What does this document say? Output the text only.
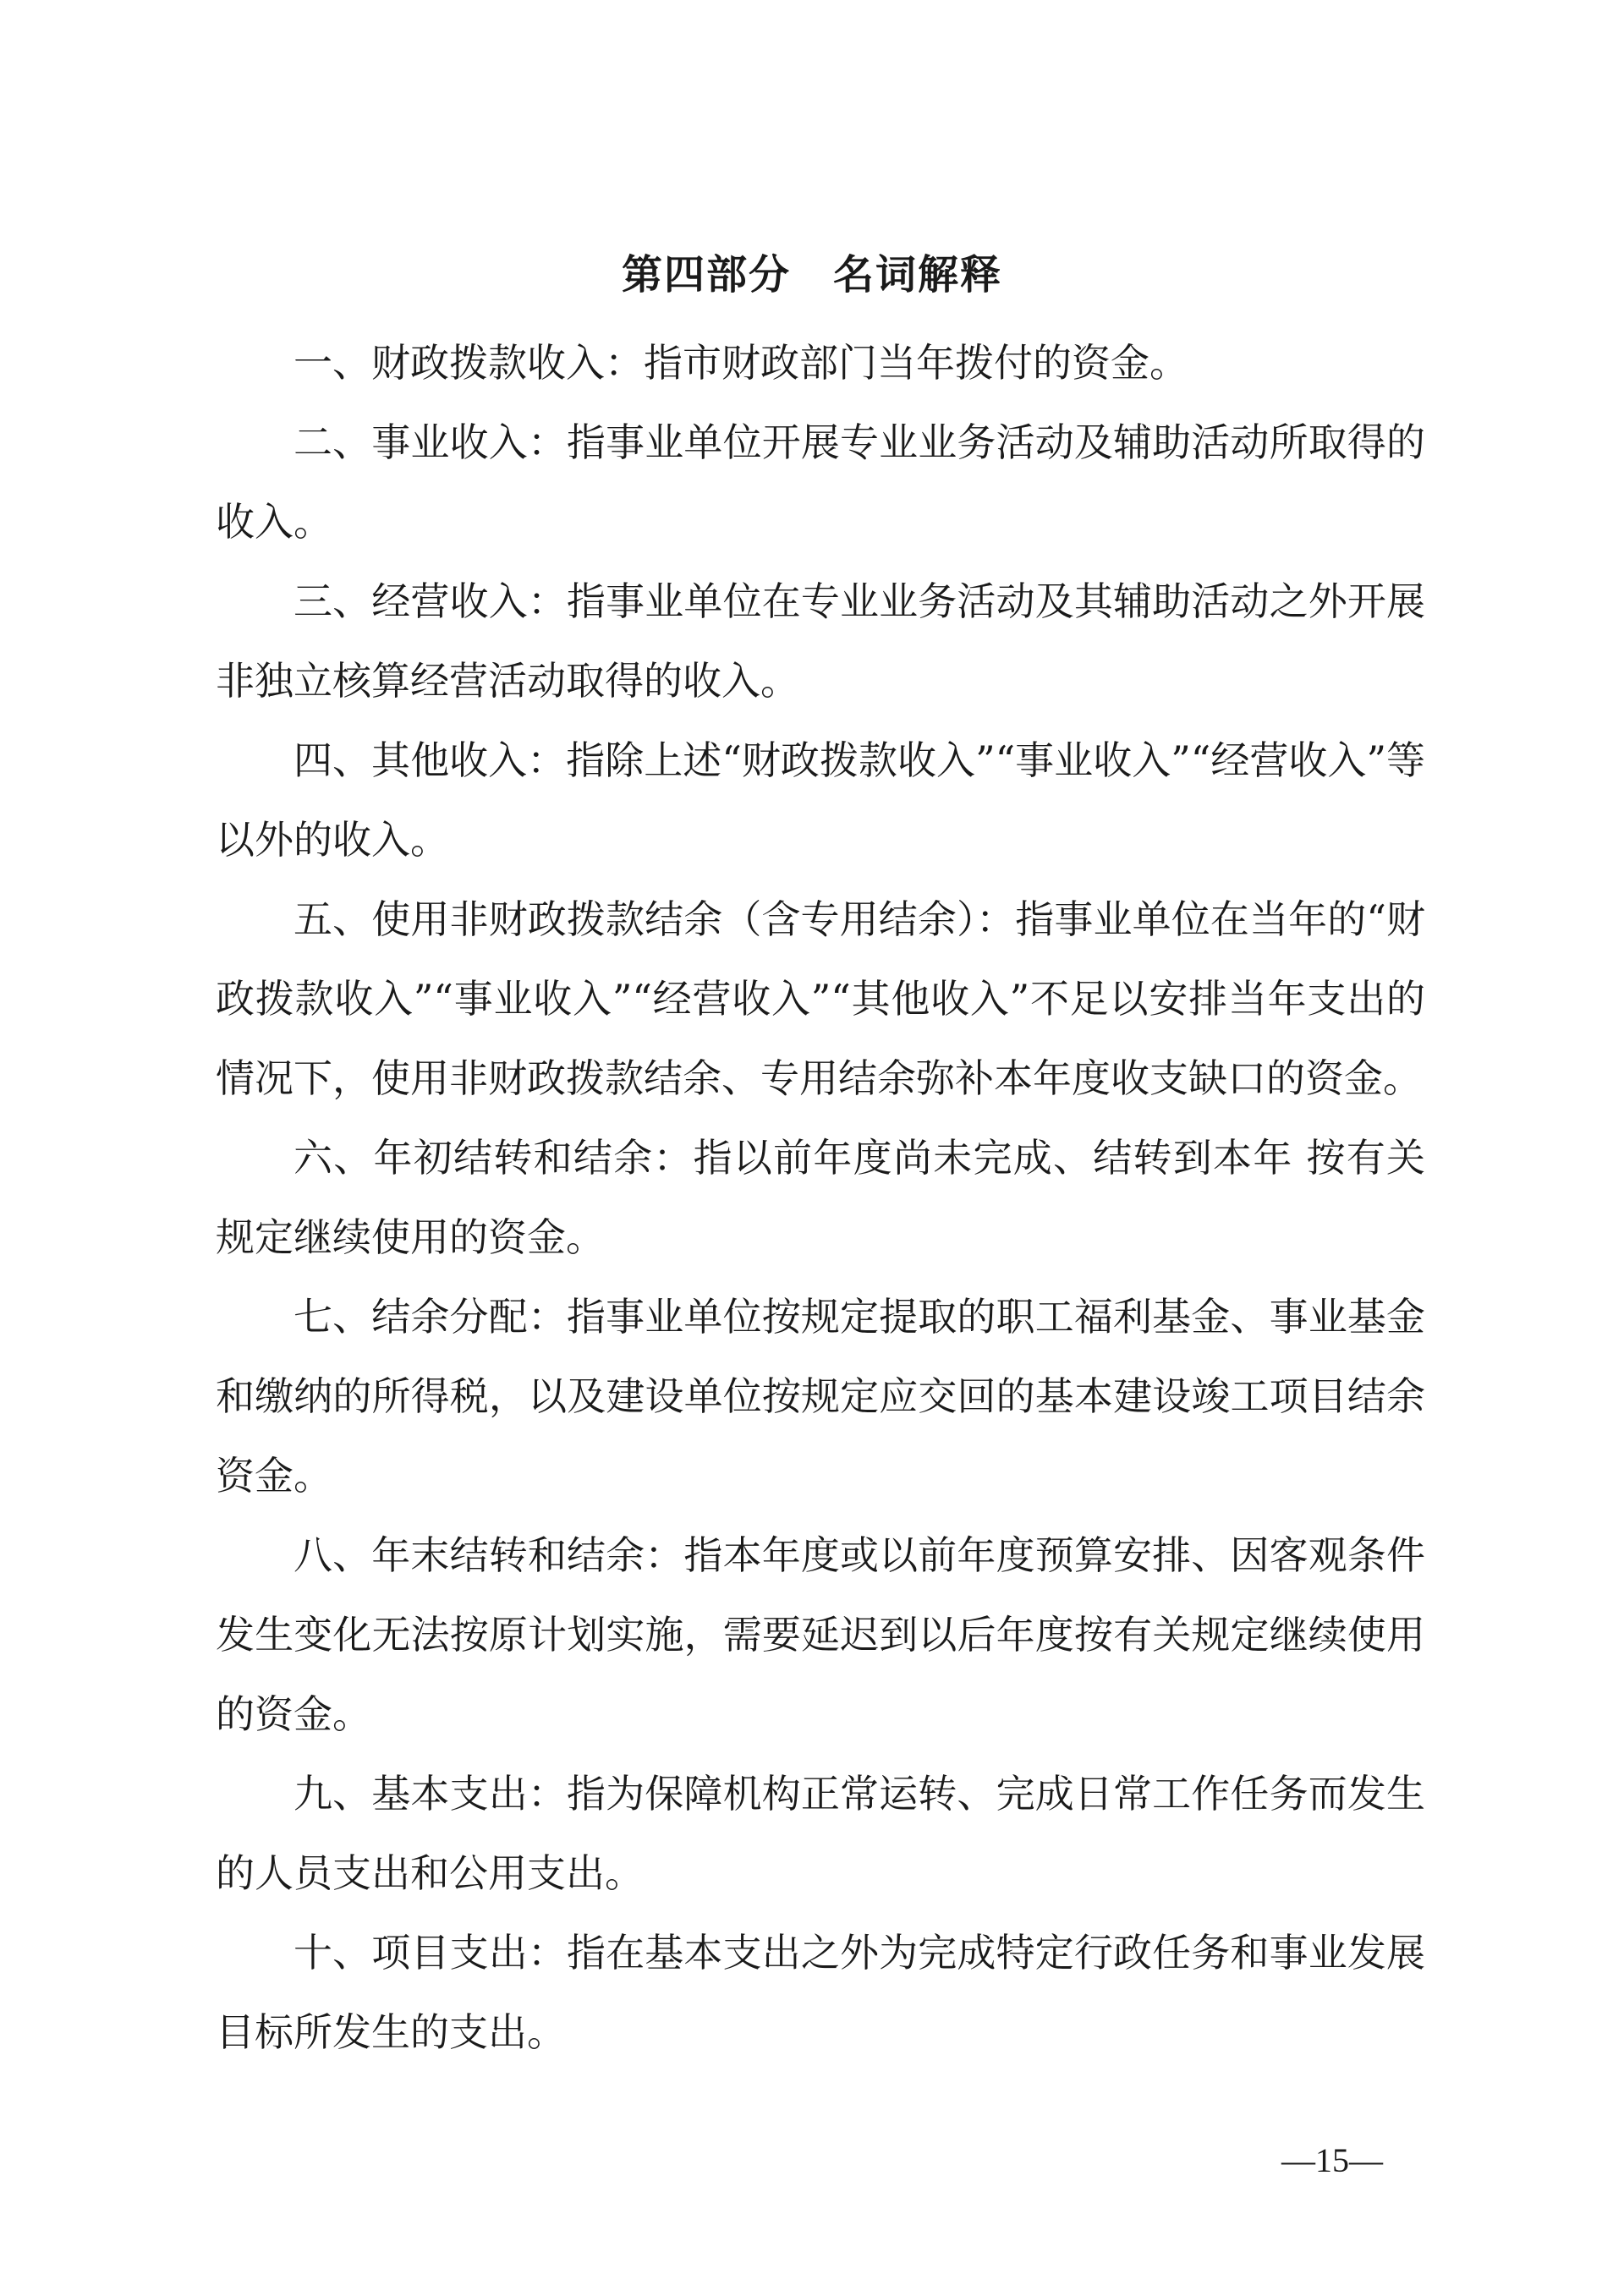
第四部分　名词解释

一、财政拨款收入：指市财政部门当年拨付的资金。

二、事业收入：指事业单位开展专业业务活动及辅助活动所取得的收入。

三、经营收入：指事业单位在专业业务活动及其辅助活动之外开展非独立核算经营活动取得的收入。

四、其他收入：指除上述“财政拨款收入”“事业收入”“经营收入”等以外的收入。

五、使用非财政拨款结余（含专用结余）：指事业单位在当年的“财政拨款收入”“事业收入”“经营收入”“其他收入”不足以安排当年支出的情况下，使用非财政拨款结余、专用结余弥补本年度收支缺口的资金。

六、年初结转和结余：指以前年度尚未完成、结转到本年 按有关规定继续使用的资金。

七、结余分配：指事业单位按规定提取的职工福利基金、事业基金和缴纳的所得税，以及建设单位按规定应交回的基本建设竣工项目结余资金。

八、年末结转和结余：指本年度或以前年度预算安排、因客观条件发生变化无法按原计划实施，需要延迟到以后年度按有关规定继续使用的资金。

九、基本支出：指为保障机构正常运转、完成日常工作任务而发生的人员支出和公用支出。

十、项目支出：指在基本支出之外为完成特定行政任务和事业发展目标所发生的支出。

—15—
